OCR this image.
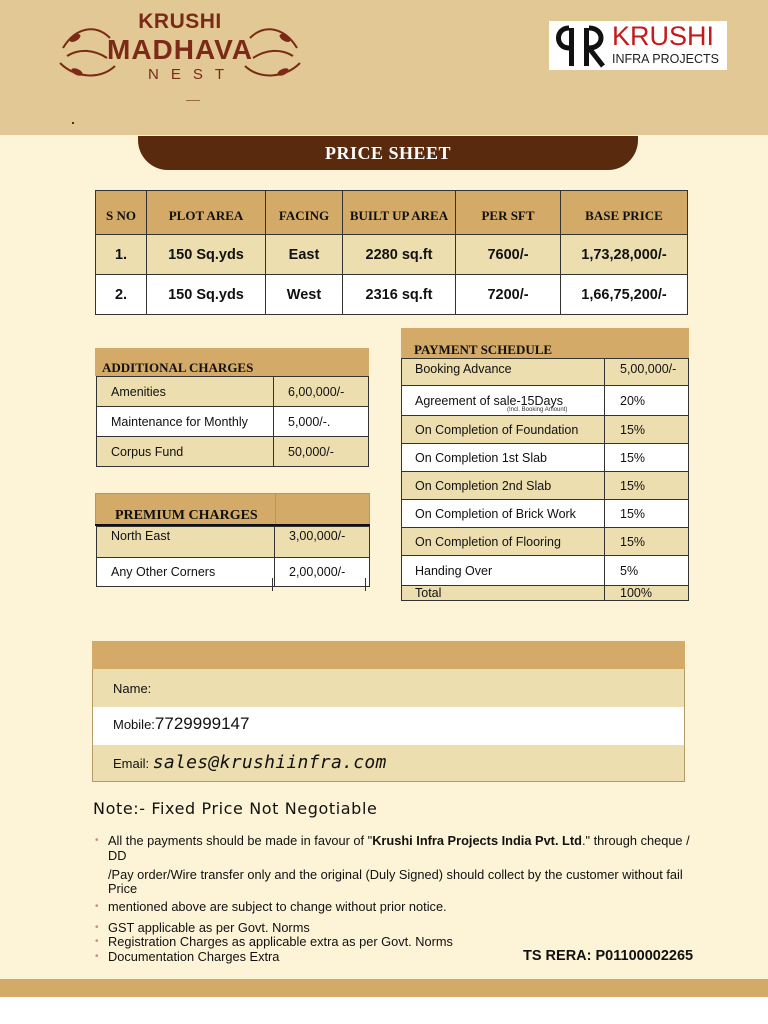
KRUSHI
MADHAVA
NEST
KRUSHI
INFRA PROJECTS
PRICE SHEET
S NO	PLOT AREA	FACING	BUILT UP AREA	PER SFT	BASE PRICE
1.	150 Sq.yds	East	2280 sq.ft	7600/-	1,73,28,000/-
2.	150 Sq.yds	West	2316 sq.ft	7200/-	1,66,75,200/-
ADDITIONAL CHARGES
Amenities	6,00,000/-
Maintenance for Monthly	5,000/-.
Corpus Fund	50,000/-
PREMIUM CHARGES
North East	3,00,000/-
Any Other Corners	2,00,000/-
PAYMENT SCHEDULE
Booking Advance	5,00,000/-
Agreement of sale-15Days	20%
On Completion of Foundation	15%
On Completion 1st Slab	15%
On Completion 2nd Slab	15%
On Completion of Brick Work	15%
On Completion of Flooring	15%
Handing Over	5%
Total	100%
(Incl. Booking Amount)
Name:
Mobile:7729999147
Email: sales@krushiinfra.com
Note:- Fixed Price Not Negotiable
• All the payments should be made in favour of "Krushi Infra Projects India Pvt. Ltd." through cheque / DD
/Pay order/Wire transfer only and the original (Duly Signed) should collect by the customer without fail
Price
• mentioned above are subject to change without prior notice.
• GST applicable as per Govt. Norms
• Registration Charges as applicable extra as per Govt. Norms
• Documentation Charges Extra	TS RERA: P01100002265
